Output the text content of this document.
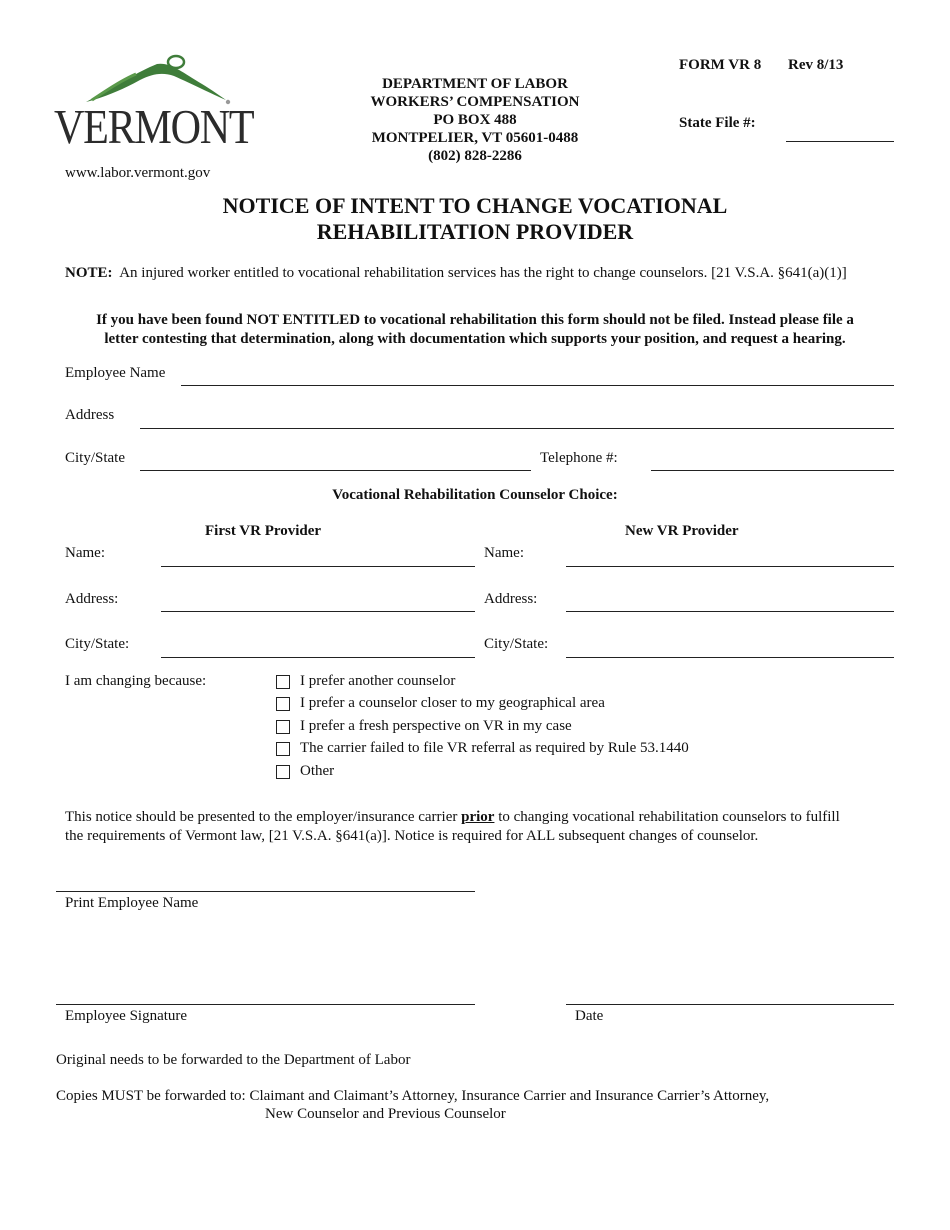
VERMONT
www.labor.vermont.gov
DEPARTMENT OF LABOR
WORKERS’ COMPENSATION
PO BOX 488
MONTPELIER, VT 05601-0488
(802) 828-2286
FORM VR 8 Rev 8/13
State File #:
NOTICE OF INTENT TO CHANGE VOCATIONAL
REHABILITATION PROVIDER
NOTE: An injured worker entitled to vocational rehabilitation services has the right to change counselors. [21 V.S.A. §641(a)(1)]
If you have been found NOT ENTITLED to vocational rehabilitation this form should not be filed. Instead please file a
letter contesting that determination, along with documentation which supports your position, and request a hearing.
Employee Name
Address
City/State	Telephone #:
Vocational Rehabilitation Counselor Choice:
First VR Provider	New VR Provider
Name:	Name:
Address:	Address:
City/State:	City/State:
I am changing because:	I prefer another counselor
I prefer a counselor closer to my geographical area
I prefer a fresh perspective on VR in my case
The carrier failed to file VR referral as required by Rule 53.1440
Other
This notice should be presented to the employer/insurance carrier prior to changing vocational rehabilitation counselors to fulfill
the requirements of Vermont law, [21 V.S.A. §641(a)]. Notice is required for ALL subsequent changes of counselor.
Print Employee Name
Employee Signature	Date
Original needs to be forwarded to the Department of Labor
Copies MUST be forwarded to: Claimant and Claimant’s Attorney, Insurance Carrier and Insurance Carrier’s Attorney,
New Counselor and Previous Counselor
